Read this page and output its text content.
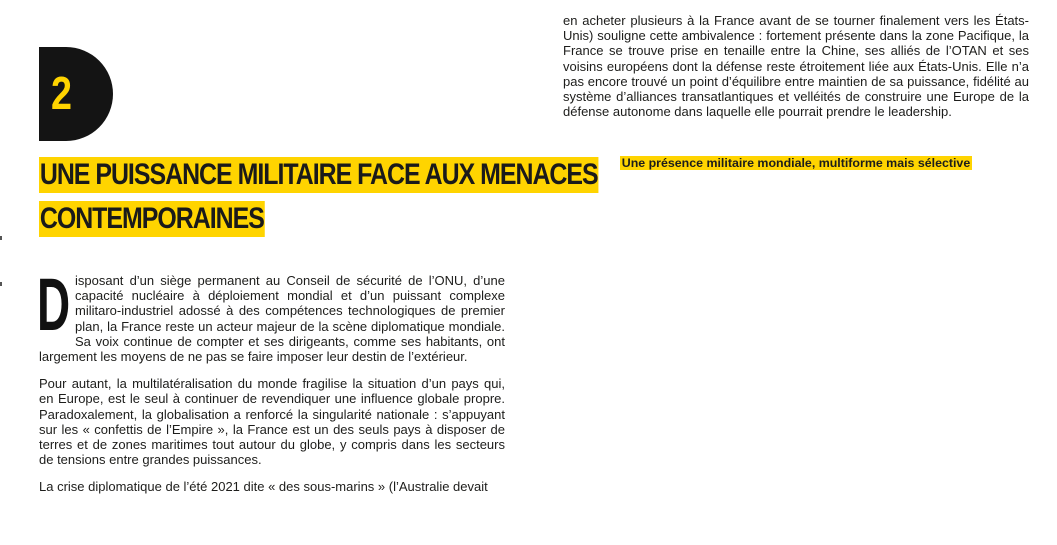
2
UNE PUISSANCE MILITAIRE FACE AUX MENACES
CONTEMPORAINES

Disposant d’un siège permanent au Conseil de sécurité de l’ONU, d’une capacité nucléaire à déploiement mondial et d’un puissant complexe militaro-industriel adossé à des compétences technologiques de premier plan, la France reste un acteur majeur de la scène diplomatique mondiale. Sa voix continue de compter et ses dirigeants, comme ses habitants, ont largement les moyens de ne pas se faire imposer leur destin de l’extérieur.

Pour autant, la multilatéralisation du monde fragilise la situation d’un pays qui, en Europe, est le seul à continuer de revendiquer une influence globale propre. Paradoxalement, la globalisation a renforcé la singularité nationale : s’appuyant sur les « confettis de l’Empire », la France est un des seuls pays à disposer de terres et de zones maritimes tout autour du globe, y compris dans les secteurs de tensions entre grandes puissances.

La crise diplomatique de l’été 2021 dite « des sous-marins » (l’Australie devait

en acheter plusieurs à la France avant de se tourner finalement vers les États-Unis) souligne cette ambivalence : fortement présente dans la zone Pacifique, la France se trouve prise en tenaille entre la Chine, ses alliés de l’OTAN et ses voisins européens dont la défense reste étroitement liée aux États-Unis. Elle n’a pas encore trouvé un point d’équilibre entre maintien de sa puissance, fidélité au système d’alliances transatlantiques et velléités de construire une Europe de la défense autonome dans laquelle elle pourrait prendre le leadership.

Une présence militaire mondiale, multiforme mais sélective
